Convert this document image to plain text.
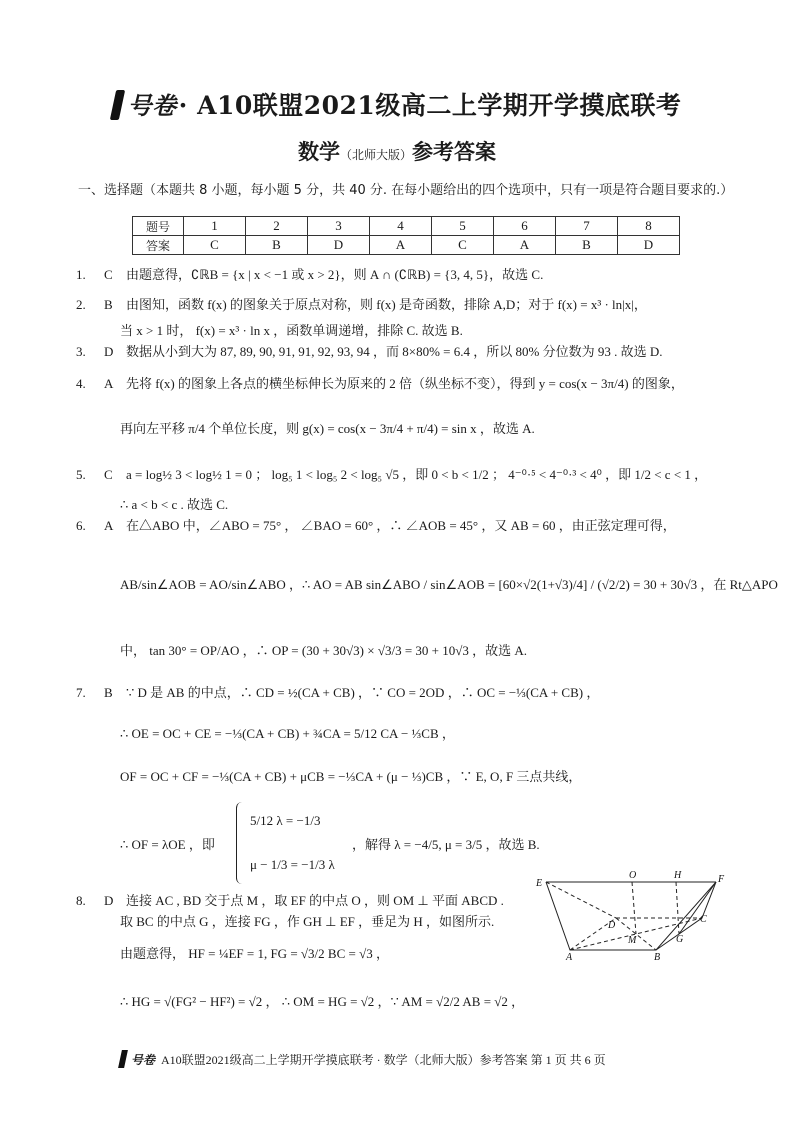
号卷· A10联盟2021级高二上学期开学摸底联考
数学（北师大版）参考答案
一、选择题（本题共 8 小题，每小题 5 分，共 40 分. 在每小题给出的四个选项中，只有一项是符合题目要求的.）
题号	1	2	3	4	5	6	7	8
答案	C	B	D	A	C	A	B	D
1. C 由题意得，∁ℝB = {x | x < −1 或 x > 2}，则 A ∩ (∁ℝB) = {3, 4, 5}，故选 C.
2. B 由图知，函数 f(x) 的图象关于原点对称，则 f(x) 是奇函数，排除 A,D；对于 f(x) = x³ · ln|x|，
当 x > 1 时， f(x) = x³ · ln x ，函数单调递增，排除 C. 故选 B.
3. D 数据从小到大为 87, 89, 90, 91, 91, 92, 93, 94 ，而 8×80% = 6.4 ，所以 80% 分位数为 93 . 故选 D.
4. A 先将 f(x) 的图象上各点的横坐标伸长为原来的 2 倍（纵坐标不变），得到 y = cos(x − 3π/4) 的图象，
再向左平移 π/4 个单位长度，则 g(x) = cos(x − 3π/4 + π/4) = sin x ，故选 A.
5. C a = log½ 3 < log½ 1 = 0 ； log₅ 1 < log₅ 2 < log₅ √5 ，即 0 < b < 1/2 ； 4⁻⁰·⁵ < 4⁻⁰·³ < 4⁰ ，即 1/2 < c < 1 ，
∴ a < b < c . 故选 C.
6. A 在△ABO 中，∠ABO = 75° ， ∠BAO = 60° ，∴ ∠AOB = 45° ，又 AB = 60 ，由正弦定理可得，
AB/sin∠AOB = AO/sin∠ABO ，∴ AO = AB sin∠ABO / sin∠AOB = [60×√2(1+√3)/4] / (√2/2) = 30 + 30√3 ，在 Rt△APO
中， tan 30° = OP/AO ，∴ OP = (30 + 30√3) × √3/3 = 30 + 10√3 ，故选 A.
7. B ∵ D 是 AB 的中点，∴ CD = ½(CA + CB) ，∵ CO = 2OD ，∴ OC = −⅓(CA + CB) ，
∴ OE = OC + CE = −⅓(CA + CB) + ¾CA = 5/12 CA − ⅓CB ，
OF = OC + CF = −⅓(CA + CB) + μCB = −⅓CA + (μ − ⅓)CB ，∵ E, O, F 三点共线，
∴ OF = λOE ，即
5/12 λ = −1/3
μ − 1/3 = −1/3 λ
，解得 λ = −4/5, μ = 3/5 ，故选 B.
8. D 连接 AC , BD 交于点 M ，取 EF 的中点 O ，则 OM ⊥ 平面 ABCD .
取 BC 的中点 G ，连接 FG ，作 GH ⊥ EF ，垂足为 H ，如图所示.
由题意得， HF = ¼EF = 1, FG = √3/2 BC = √3 ，
∴ HG = √(FG² − HF²) = √2 ， ∴ OM = HG = √2 ，∵ AM = √2/2 AB = √2 ，
E
O	H	F
D
C
M	G
A	B
号卷 A10联盟2021级高二上学期开学摸底联考 · 数学（北师大版）参考答案 第 1 页 共 6 页
